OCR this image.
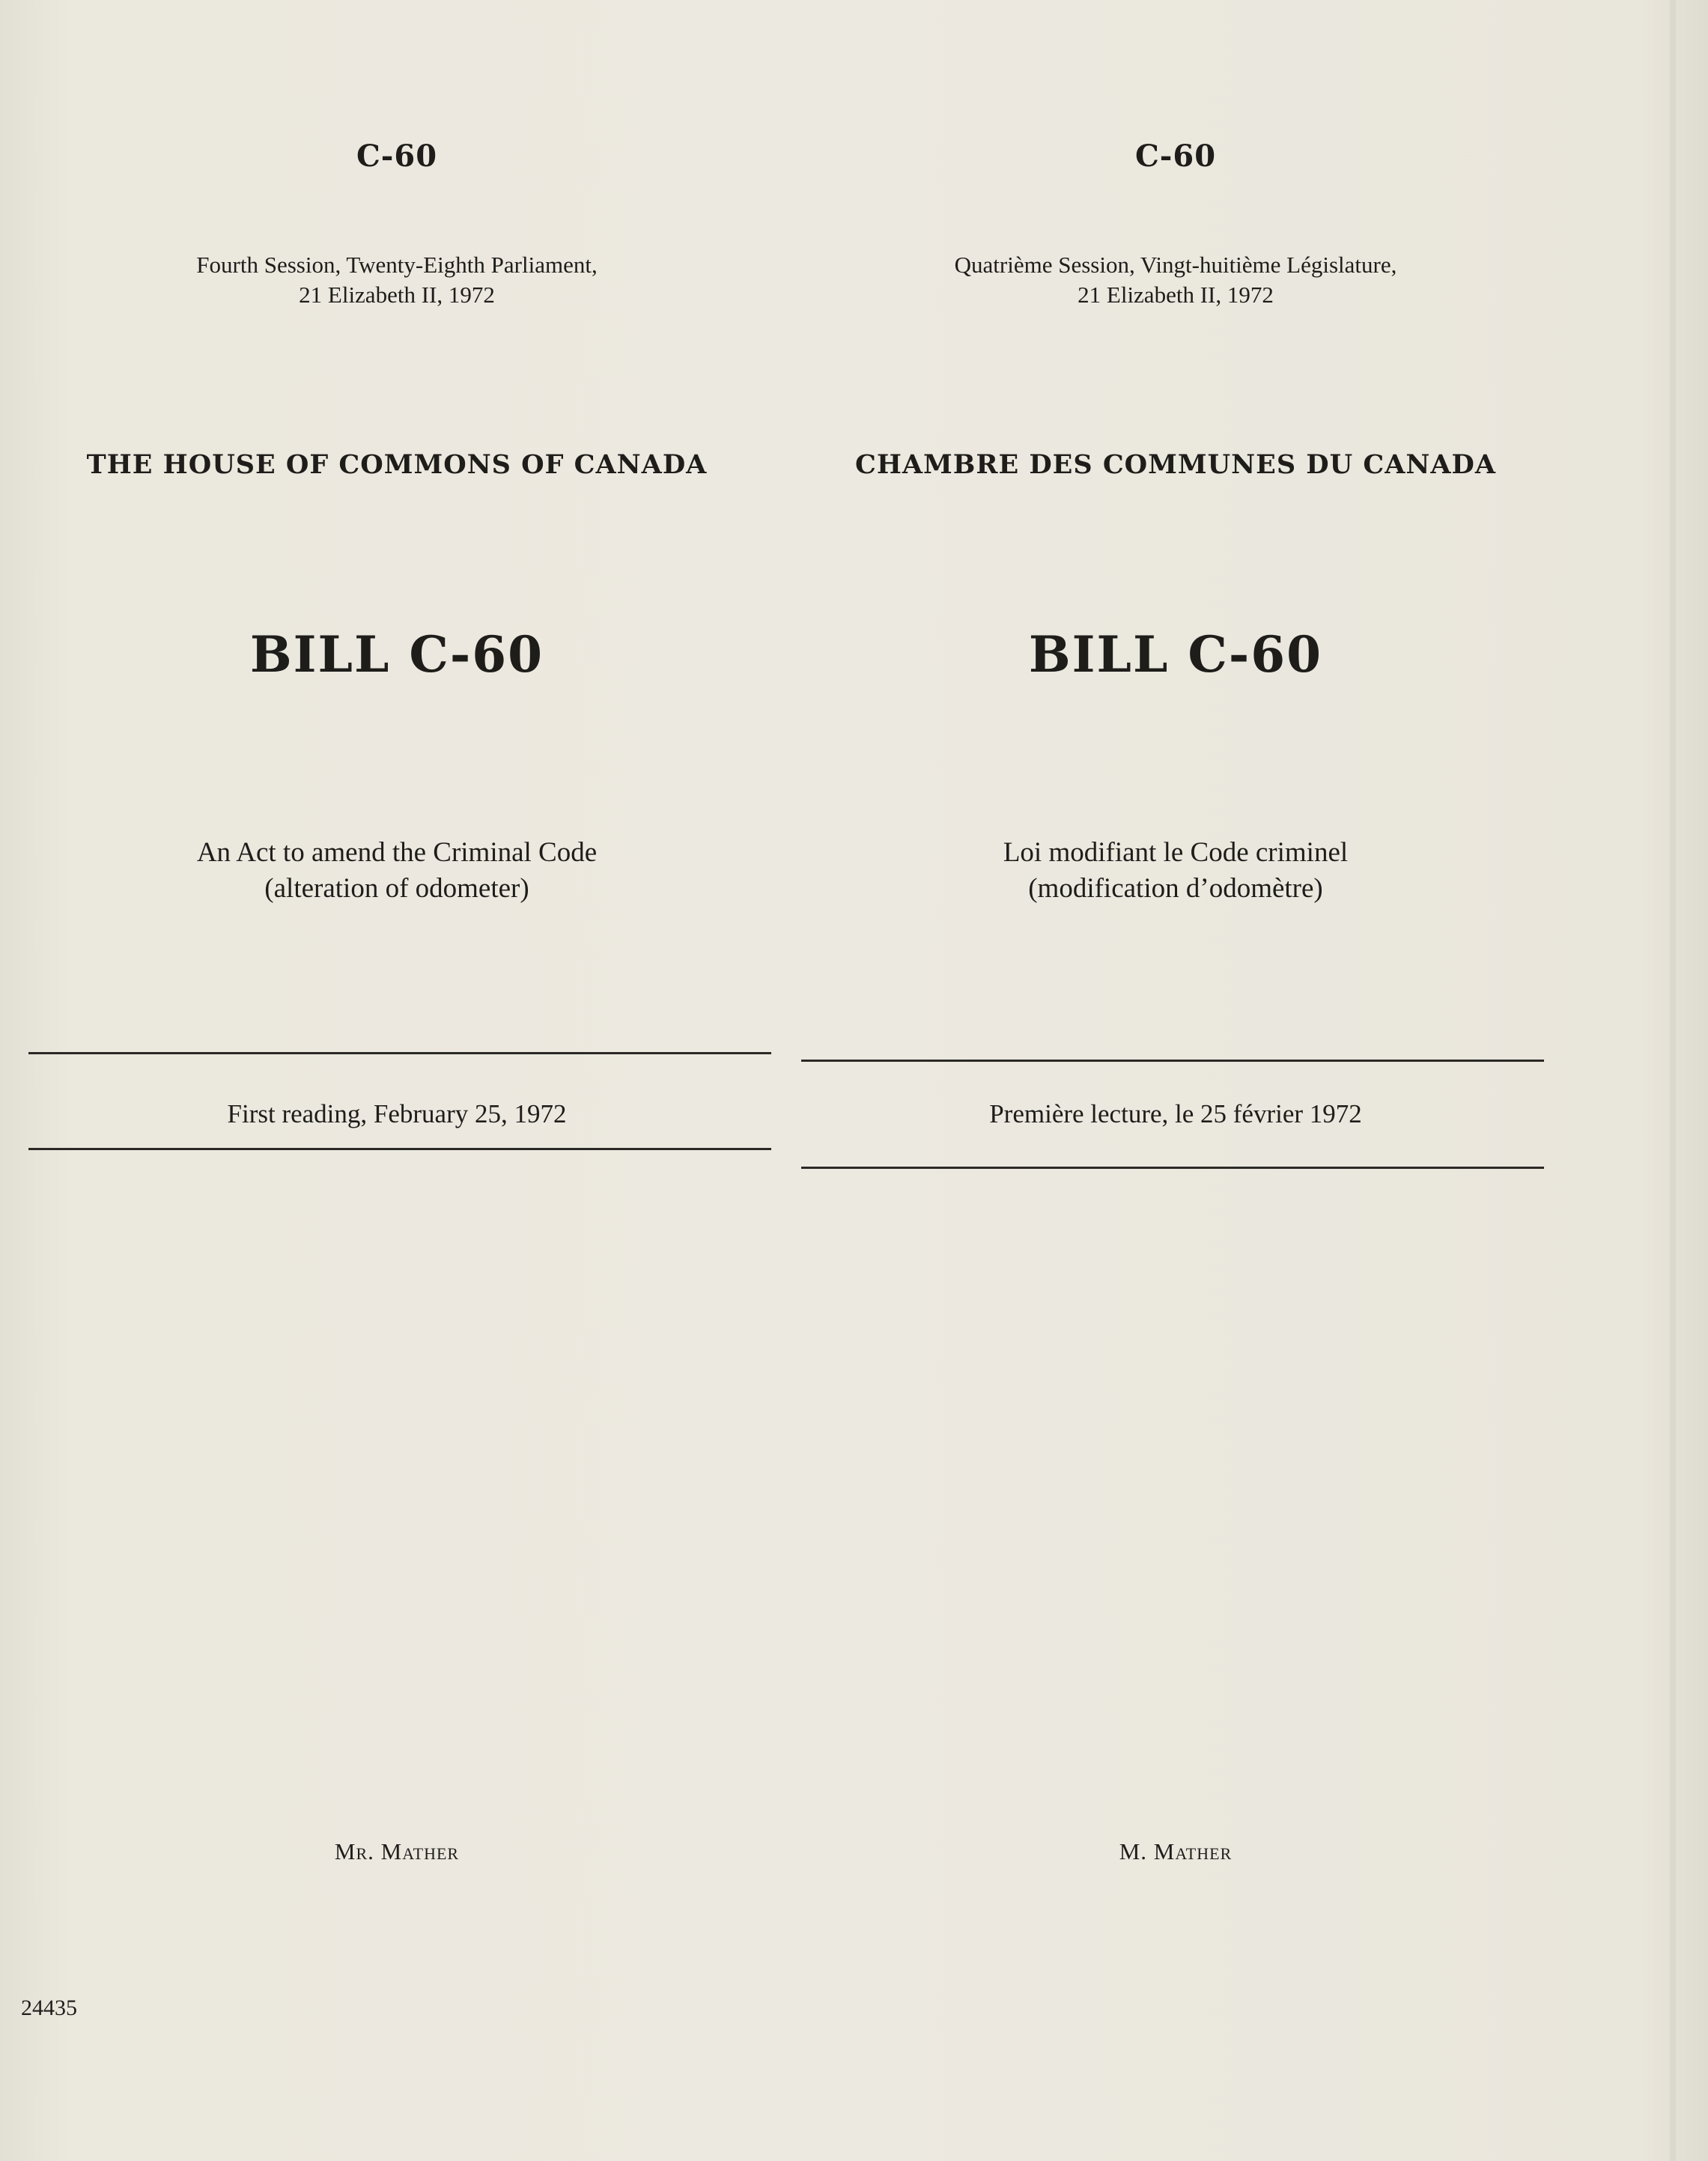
C-60
Fourth Session, Twenty-Eighth Parliament,
21 Elizabeth II, 1972
THE HOUSE OF COMMONS OF CANADA
BILL C-60
An Act to amend the Criminal Code
(alteration of odometer)
First reading, February 25, 1972
Mr. Mather
C-60
Quatrième Session, Vingt-huitième Législature,
21 Elizabeth II, 1972
CHAMBRE DES COMMUNES DU CANADA
BILL C-60
Loi modifiant le Code criminel
(modification d’odomètre)
Première lecture, le 25 février 1972
M. Mather
24435
